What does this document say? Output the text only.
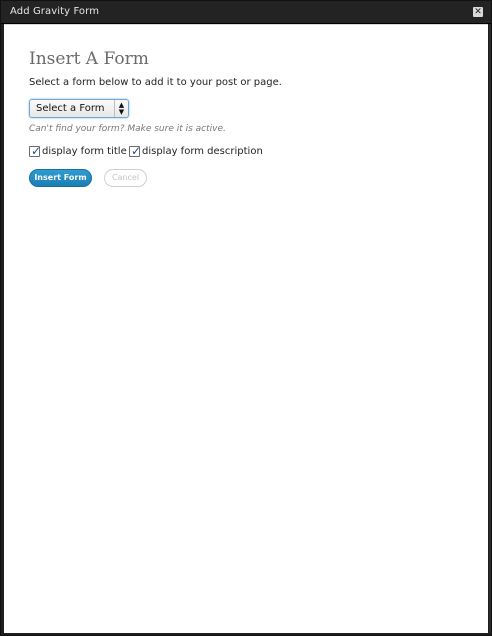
Add Gravity Form	✕
Insert A Form
Select a form below to add it to your post or page.
Select a Form	▲
▼
Can't find your form? Make sure it is active.
✓ display form title ✓ display form description
Insert Form	Cancel
